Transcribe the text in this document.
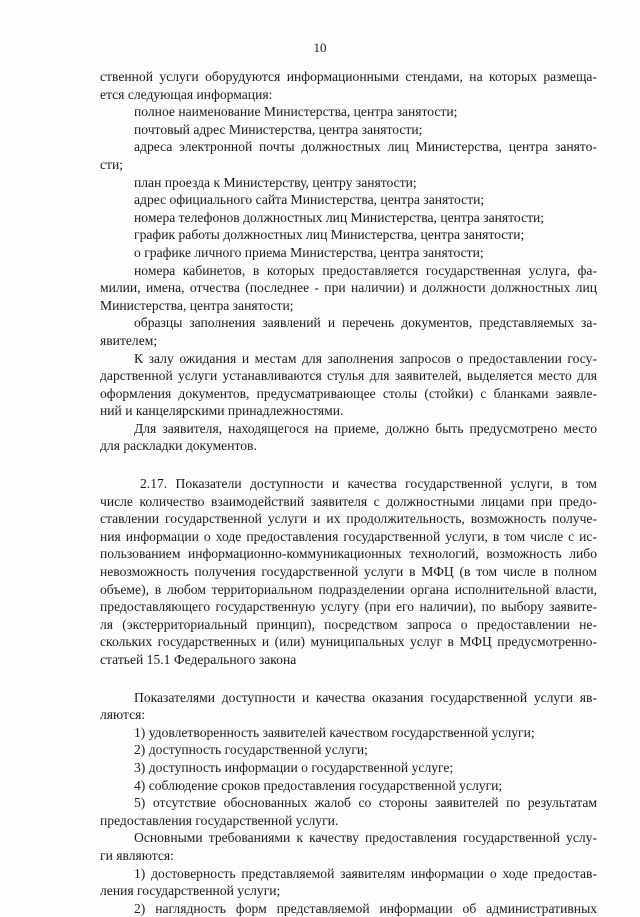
10

ственной услуги оборудуются информационными стендами, на которых размеща-

ется следующая информация:

полное наименование Министерства, центра занятости;

почтовый адрес Министерства, центра занятости;

адреса электронной почты должностных лиц Министерства, центра занято-

сти;

план проезда к Министерству, центру занятости;

адрес официального сайта Министерства, центра занятости;

номера телефонов должностных лиц Министерства, центра занятости;

график работы должностных лиц Министерства, центра занятости;

о графике личного приема Министерства, центра занятости;

номера кабинетов, в которых предоставляется государственная услуга, фа-

милии, имена, отчества (последнее - при наличии) и должности должностных лиц

Министерства, центра занятости;

образцы заполнения заявлений и перечень документов, представляемых за-

явителем;

К залу ожидания и местам для заполнения запросов о предоставлении госу-

дарственной услуги устанавливаются стулья для заявителей, выделяется место для

оформления документов, предусматривающее столы (стойки) с бланками заявле-

ний и канцелярскими принадлежностями.

Для заявителя, находящегося на приеме, должно быть предусмотрено место

для раскладки документов.

2.17. Показатели доступности и качества государственной услуги, в том

числе количество взаимодействий заявителя с должностными лицами при предо-

ставлении государственной услуги и их продолжительность, возможность получе-

ния информации о ходе предоставления государственной услуги, в том числе с ис-

пользованием информационно-коммуникационных технологий, возможность либо

невозможность получения государственной услуги в МФЦ (в том числе в полном

объеме), в любом территориальном подразделении органа исполнительной власти,

предоставляющего государственную услугу (при его наличии), по выбору заявите-

ля (экстерриториальный принцип), посредством запроса о предоставлении не-

скольких государственных и (или) муниципальных услуг в МФЦ предусмотренно-

статьей 15.1 Федерального закона

Показателями доступности и качества оказания государственной услуги яв-

ляются:

1) удовлетворенность заявителей качеством государственной услуги;

2) доступность государственной услуги;

3) доступность информации о государственной услуге;

4) соблюдение сроков предоставления государственной услуги;

5) отсутствие обоснованных жалоб со стороны заявителей по результатам

предоставления государственной услуги.

Основными требованиями к качеству предоставления государственной услу-

ги являются:

1) достоверность представляемой заявителям информации о ходе предостав-

ления государственной услуги;

2) наглядность форм представляемой информации об административных
